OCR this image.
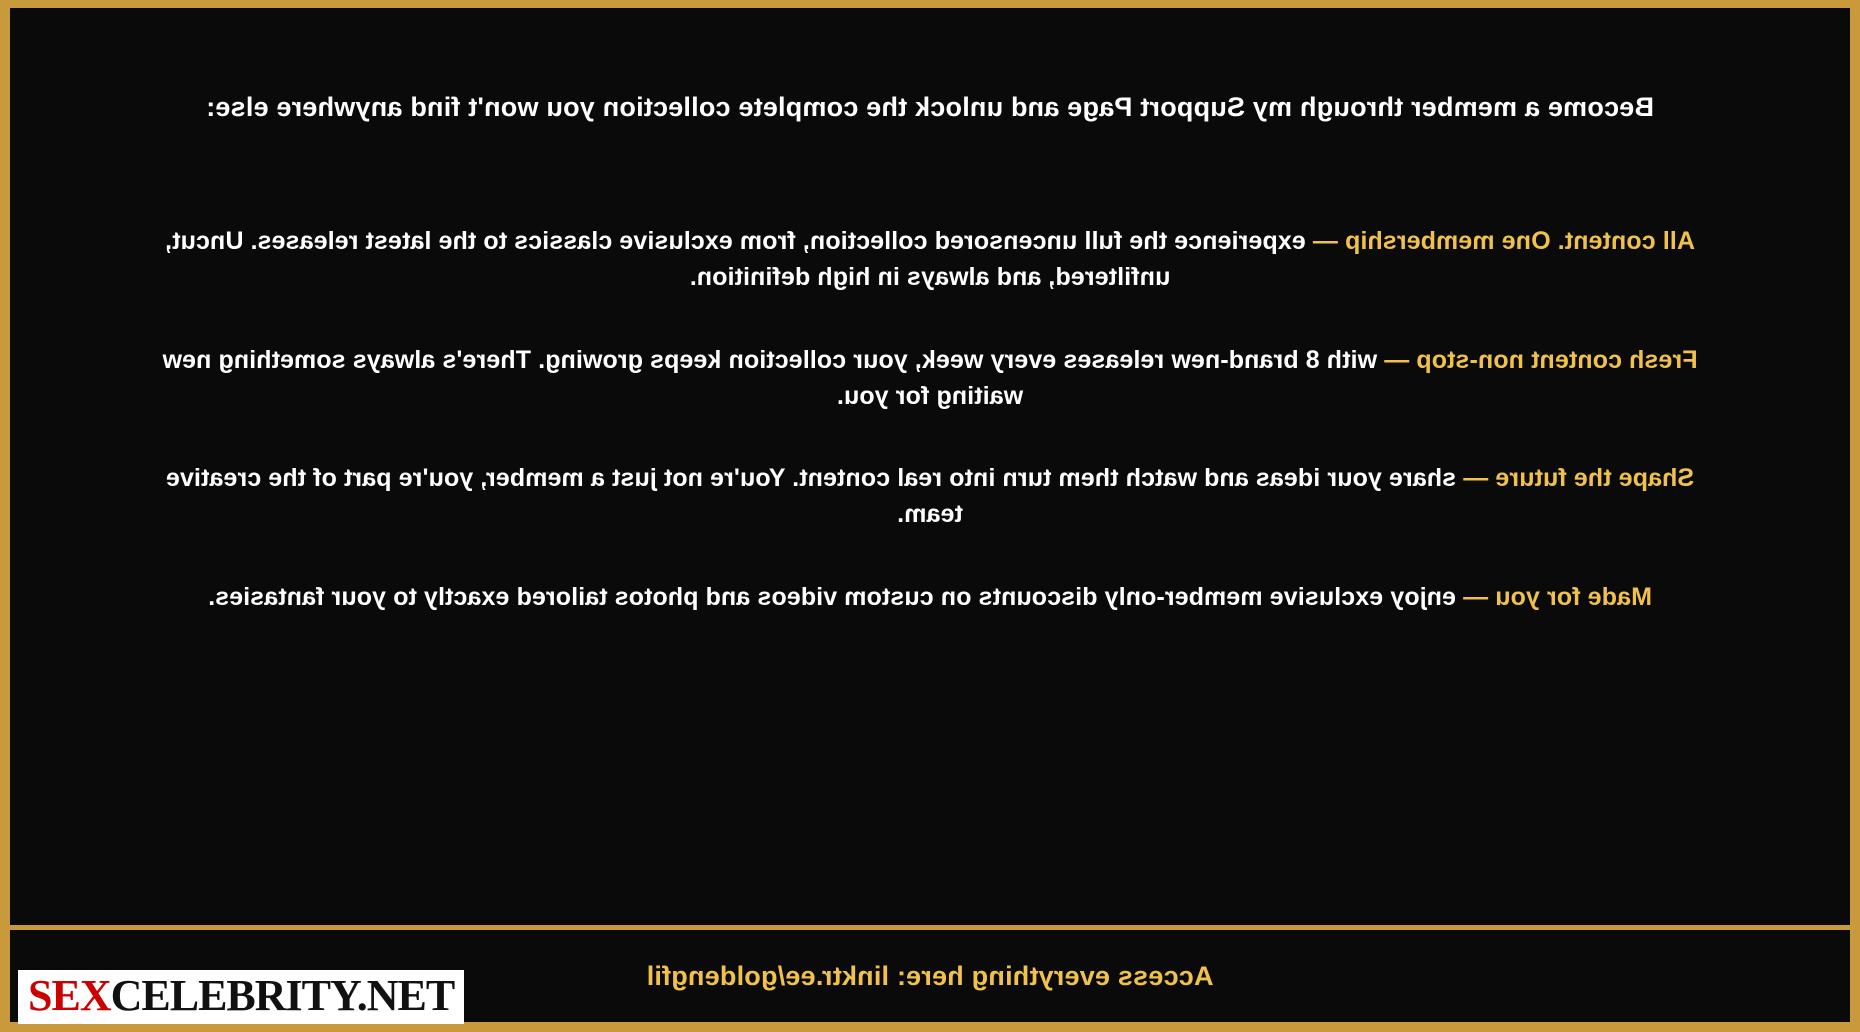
Become a member through my Support Page and unlock the complete collection you won't find anywhere else:
All content. One membership — experience the full uncensored collection, from exclusive classics to the latest releases. Uncut, unfiltered, and always in high definition.
Fresh content non-stop — with 8 brand-new releases every week, your collection keeps growing. There's always something new waiting for you.
Shape the future — share your ideas and watch them turn into real content. You're not just a member, you're part of the creative team.
Made for you — enjoy exclusive member-only discounts on custom videos and photos tailored exactly to your fantasies.
Access everything here: linktr.ee/goldengfil
SEX CELEBRITY.NET
